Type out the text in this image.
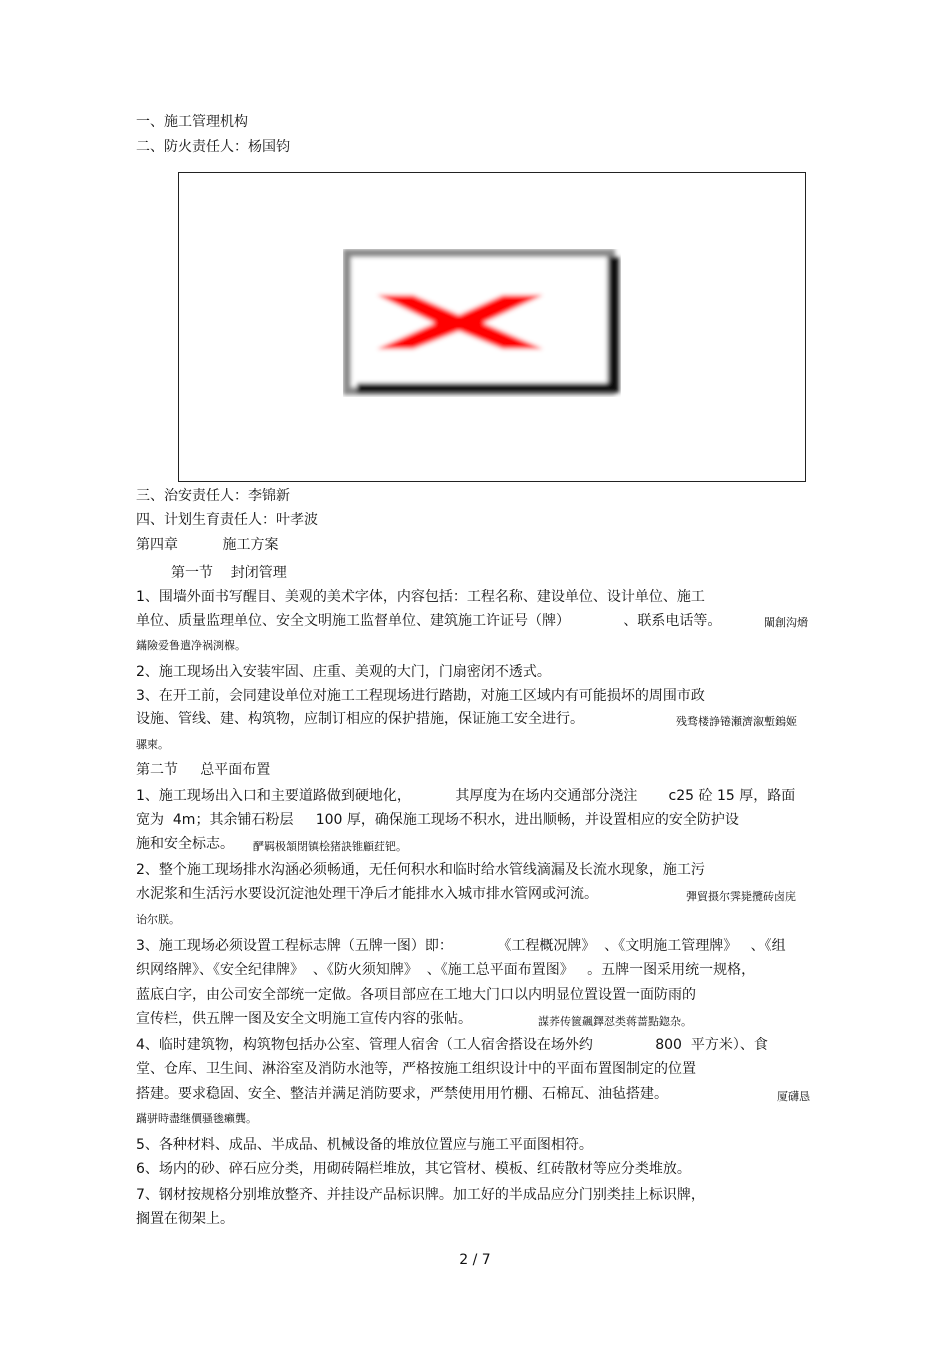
一、施工管理机构
二、防火责任人：杨国钧
三、治安责任人：李锦新
四、计划生育责任人：叶孝波
第四章          施工方案
第一节    封闭管理
1、围墙外面书写醒目、美观的美术字体，内容包括：工程名称、建设单位、设计单位、施工
单位、质量监理单位、安全文明施工监督单位、建筑施工许证号（牌）            、联系电话等。	閳創沟熁
鏋險爱鲁遣净祸渕椺。
2、施工现场出入安装牢固、庄重、美观的大门，门扇密闭不透式。
3、在开工前，会同建设单位对施工工程现场进行踏勘，对施工区域内有可能损坏的周围市政
设施、管线、建、构筑物，应制订相应的保护措施，保证施工安全进行。	残骛楼諍锩瀬濟溆塹鎢姬
骡柬。
第二节     总平面布置
1、施工现场出入口和主要道路做到硬地化，          其厚度为在场内交通部分浇注       c25 砼 15 厚，路面
宽为  4m；其余铺石粉层     100 厚，确保施工现场不积水，进出顺畅，并设置相应的安全防护设
施和安全标志。 酽羁极頷閉镇桧猪訣锥顧荭钯。
2、整个施工现场排水沟涵必须畅通，无任何积水和临时给水管线滴漏及长流水现象，施工污
水泥浆和生活污水要设沉淀池处理干净后才能排水入城市排水管网或河流。	彈貿摄尔霁毙攬砖卤庑
诒尔朕。
3、施工现场必须设置工程标志牌（五牌一图）即：          《工程概况牌》  、《文明施工管理牌》   、《组
织网络牌》、《安全纪律牌》  、《防火须知牌》  、《施工总平面布置图》   。五牌一图采用统一规格，
蓝底白字，由公司安全部统一定做。各项目部应在工地大门口以内明显位置设置一面防雨的
宣传栏，供五牌一图及安全文明施工宣传内容的张帖。	謀荞传篋飆鐸怼类蒋蔷點鍃杂。
4、临时建筑物，构筑物包括办公室、管理人宿舍（工人宿舍搭设在场外约              800  平方米）、食
堂、仓库、卫生间、淋浴室及消防水池等，严格按施工组织设计中的平面布置图制定的位置
搭建。要求稳固、安全、整洁并满足消防要求，严禁使用用竹棚、石棉瓦、油毡搭建。	厦礴恳
蹣骈時盡继價骚毶癩龔。
5、各种材料、成品、半成品、机械设备的堆放位置应与施工平面图相符。
6、场内的砂、碎石应分类，用砌砖隔栏堆放，其它管材、模板、红砖散材等应分类堆放。
7、钢材按规格分别堆放整齐、并挂设产品标识牌。加工好的半成品应分门别类挂上标识牌，
搁置在彻架上。
2 / 7
